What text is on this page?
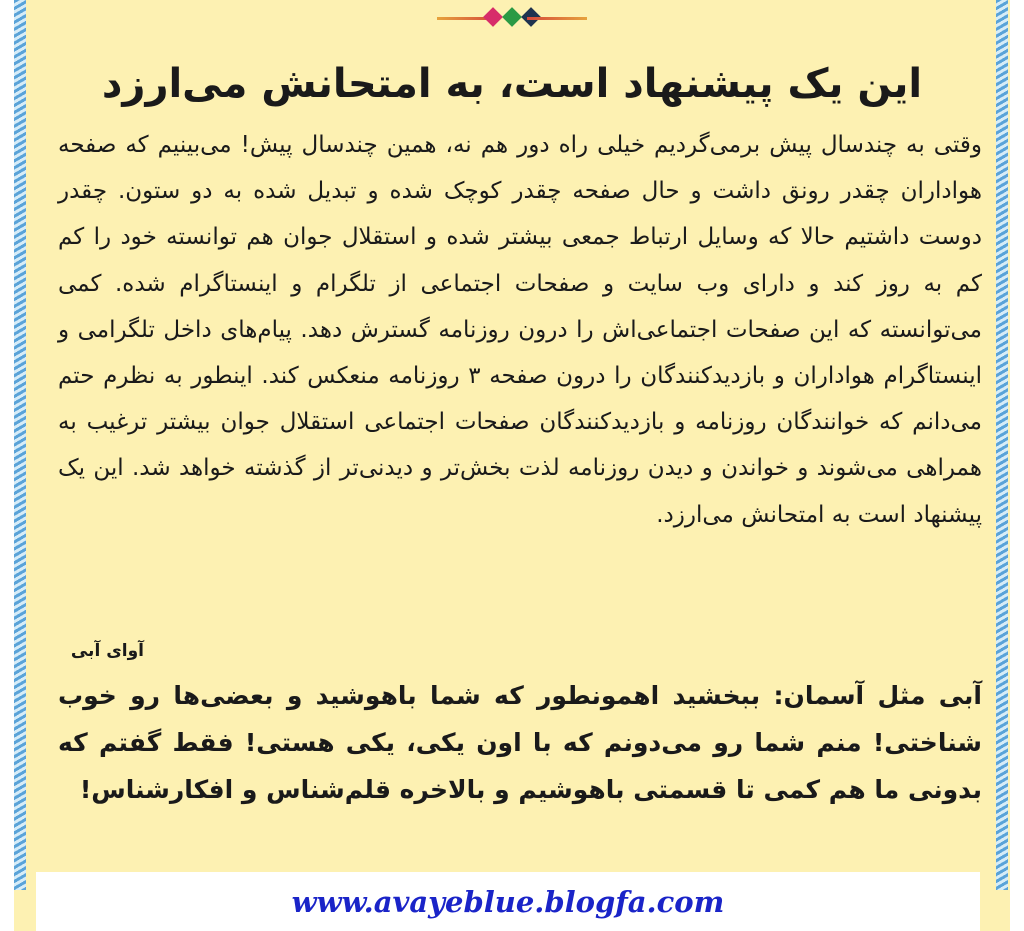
این یک پیشنهاد است، به امتحانش می‌ارزد

وقتی به چندسال پیش برمی‌گردیم خیلی راه دور هم نه، همین چندسال پیش! می‌بینیم که صفحه هواداران چقدر رونق داشت و حال صفحه چقدر کوچک شده و تبدیل شده به دو ستون. چقدر دوست داشتیم حالا که وسایل ارتباط جمعی بیشتر شده و استقلال جوان هم توانسته خود را کم کم به روز کند و دارای وب سایت و صفحات اجتماعی از تلگرام و اینستاگرام شده. کمی می‌توانسته که این صفحات اجتماعی‌اش را درون روزنامه گسترش دهد. پیام‌های داخل تلگرامی و اینستاگرام هواداران و بازدیدکنندگان را درون صفحه ۳ روزنامه منعکس کند. اینطور به نظرم حتم می‌دانم که خوانندگان روزنامه و بازدیدکنندگان صفحات اجتماعی استقلال جوان بیشتر ترغیب به همراهی می‌شوند و خواندن و دیدن روزنامه لذت بخش‌تر و دیدنی‌تر از گذشته خواهد شد. این یک پیشنهاد است به امتحانش می‌ارزد.

آوای آبی

آبی مثل آسمان: ببخشید اهمونطور که شما باهوشید و بعضی‌ها رو خوب شناختی! منم شما رو می‌دونم که با اون یکی، یکی هستی! فقط گفتم که بدونی ما هم کمی تا قسمتی باهوشیم و بالاخره قلم‌شناس و افکارشناس!

www.avayeblue.blogfa.com
